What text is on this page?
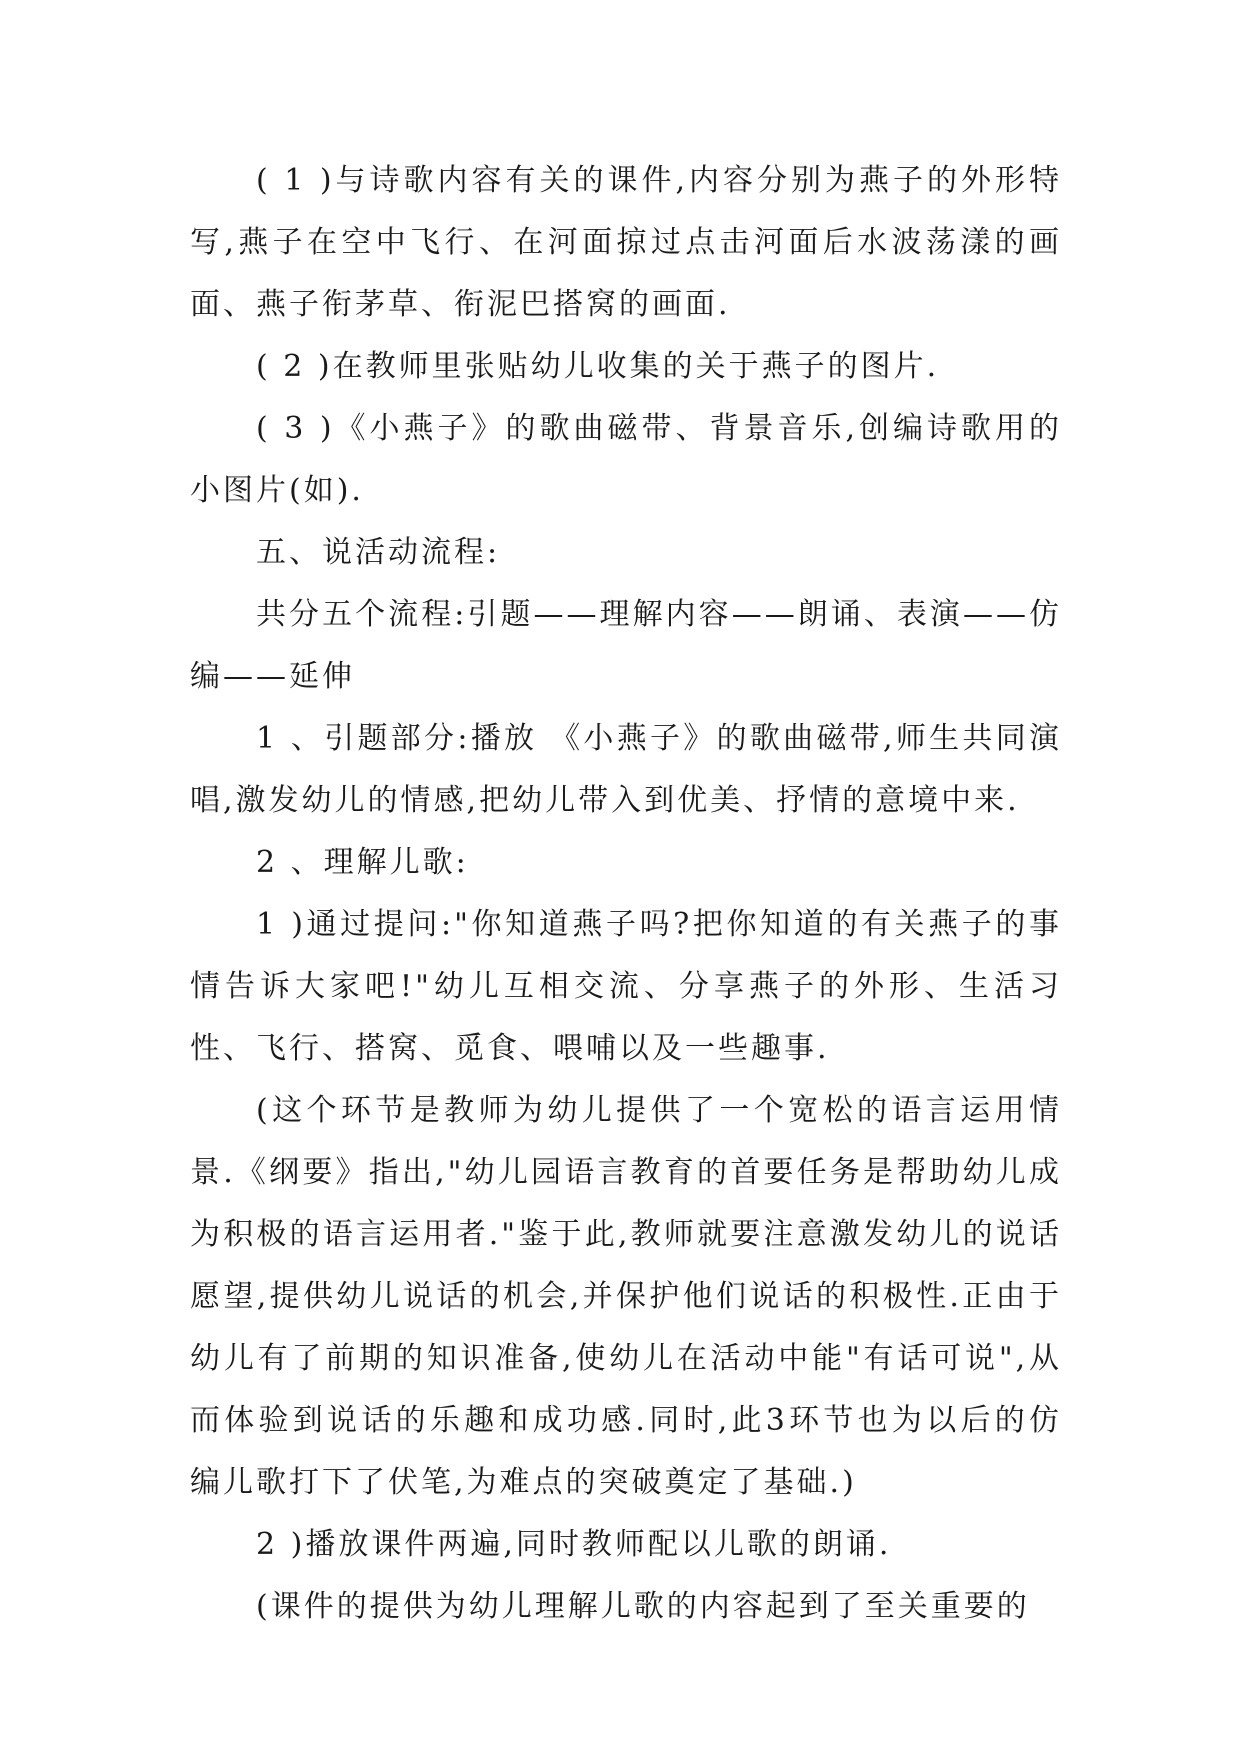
( 1 )与诗歌内容有关的课件,内容分别为燕子的外形特写,燕子在空中飞行、在河面掠过点击河面后水波荡漾的画面、燕子衔茅草、衔泥巴搭窝的画面.

( 2 )在教师里张贴幼儿收集的关于燕子的图片.

( 3 )《小燕子》的歌曲磁带、背景音乐,创编诗歌用的小图片(如).

五、说活动流程:

共分五个流程:引题——理解内容——朗诵、表演——仿编——延伸

1 、引题部分:播放 《小燕子》的歌曲磁带,师生共同演唱,激发幼儿的情感,把幼儿带入到优美、抒情的意境中来.

2 、理解儿歌:

1 )通过提问:"你知道燕子吗?把你知道的有关燕子的事情告诉大家吧!"幼儿互相交流、分享燕子的外形、生活习性、飞行、搭窝、觅食、喂哺以及一些趣事.

(这个环节是教师为幼儿提供了一个宽松的语言运用情景.《纲要》指出,"幼儿园语言教育的首要任务是帮助幼儿成为积极的语言运用者."鉴于此,教师就要注意激发幼儿的说话愿望,提供幼儿说话的机会,并保护他们说话的积极性.正由于幼儿有了前期的知识准备,使幼儿在活动中能"有话可说",从而体验到说话的乐趣和成功感.同时,此3环节也为以后的仿编儿歌打下了伏笔,为难点的突破奠定了基础.)

2 )播放课件两遍,同时教师配以儿歌的朗诵.

(课件的提供为幼儿理解儿歌的内容起到了至关重要的
